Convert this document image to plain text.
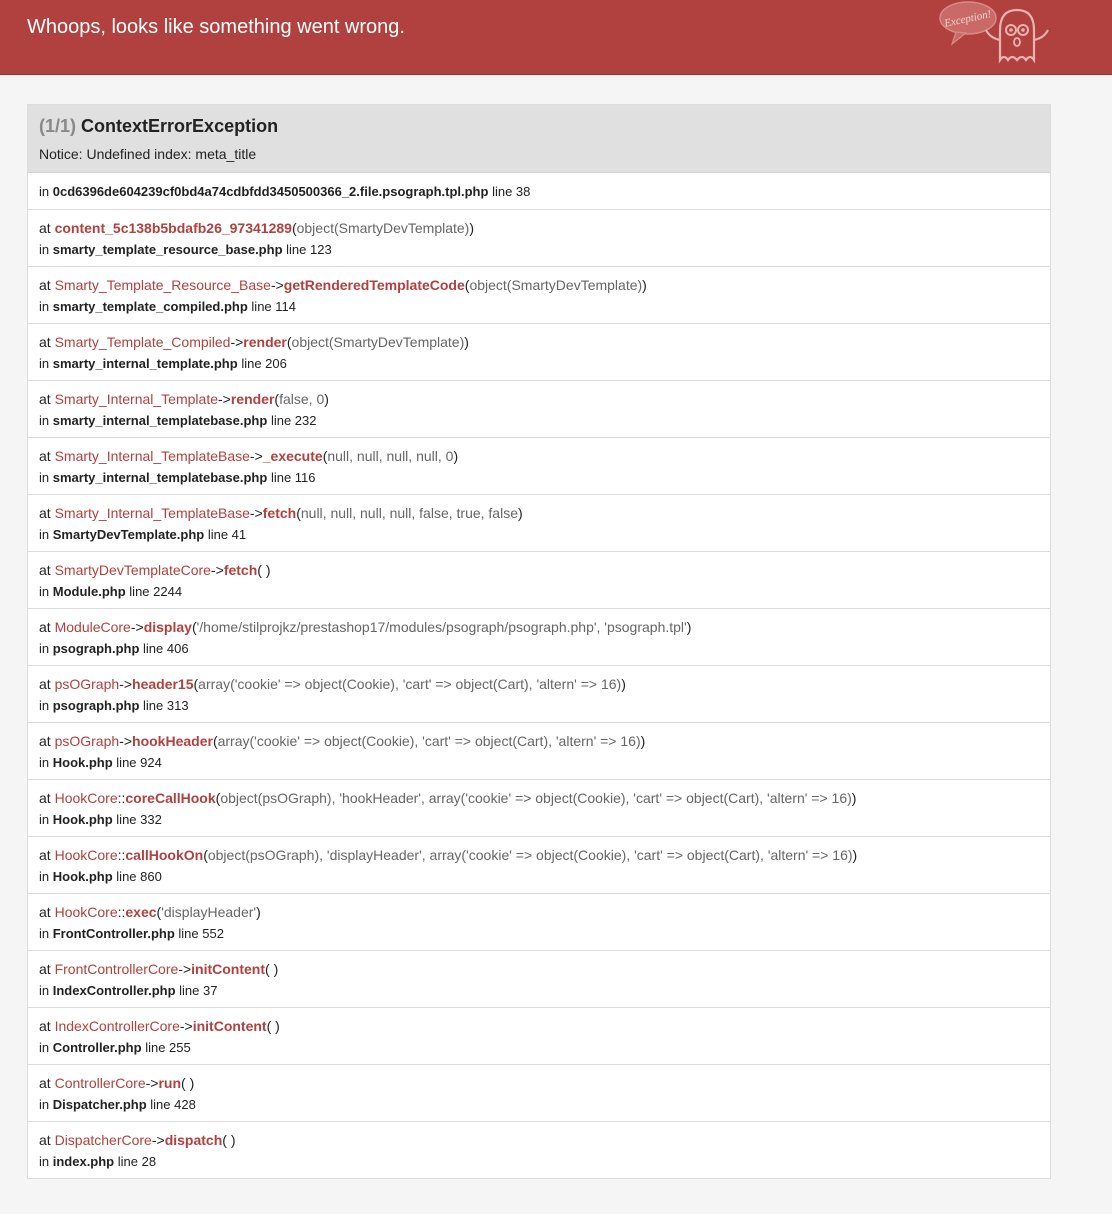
Whoops, looks like something went wrong.	Exception!
(1/1) ContextErrorException
Notice: Undefined index: meta_title
in 0cd6396de604239cf0bd4a74cdbfdd3450500366_2.file.psograph.tpl.php line 38
at content_5c138b5bdafb26_97341289(object(SmartyDevTemplate))
in smarty_template_resource_base.php line 123
at Smarty_Template_Resource_Base->getRenderedTemplateCode(object(SmartyDevTemplate))
in smarty_template_compiled.php line 114
at Smarty_Template_Compiled->render(object(SmartyDevTemplate))
in smarty_internal_template.php line 206
at Smarty_Internal_Template->render(false, 0)
in smarty_internal_templatebase.php line 232
at Smarty_Internal_TemplateBase->_execute(null, null, null, null, 0)
in smarty_internal_templatebase.php line 116
at Smarty_Internal_TemplateBase->fetch(null, null, null, null, false, true, false)
in SmartyDevTemplate.php line 41
at SmartyDevTemplateCore->fetch( )
in Module.php line 2244
at ModuleCore->display('/home/stilprojkz/prestashop17/modules/psograph/psograph.php', 'psograph.tpl')
in psograph.php line 406
at psOGraph->header15(array('cookie' => object(Cookie), 'cart' => object(Cart), 'altern' => 16))
in psograph.php line 313
at psOGraph->hookHeader(array('cookie' => object(Cookie), 'cart' => object(Cart), 'altern' => 16))
in Hook.php line 924
at HookCore::coreCallHook(object(psOGraph), 'hookHeader', array('cookie' => object(Cookie), 'cart' => object(Cart), 'altern' => 16))
in Hook.php line 332
at HookCore::callHookOn(object(psOGraph), 'displayHeader', array('cookie' => object(Cookie), 'cart' => object(Cart), 'altern' => 16))
in Hook.php line 860
at HookCore::exec('displayHeader')
in FrontController.php line 552
at FrontControllerCore->initContent( )
in IndexController.php line 37
at IndexControllerCore->initContent( )
in Controller.php line 255
at ControllerCore->run( )
in Dispatcher.php line 428
at DispatcherCore->dispatch( )
in index.php line 28
